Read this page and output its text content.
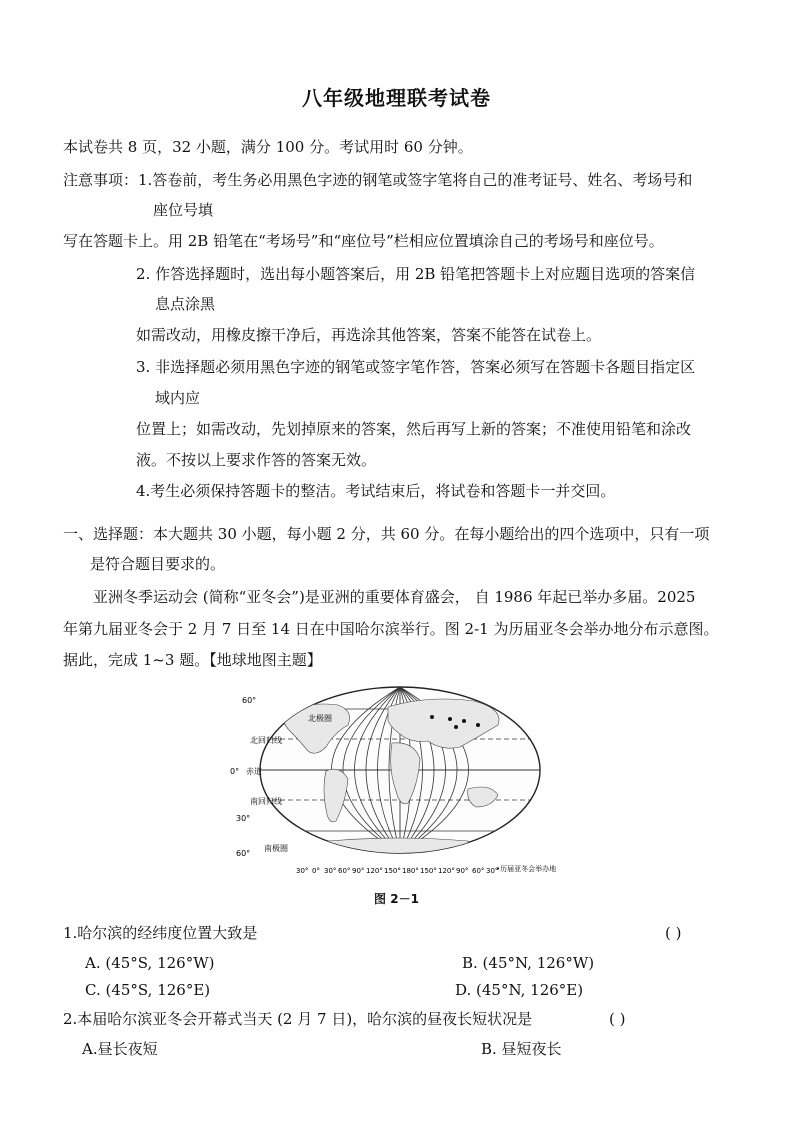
八年级地理联考试卷
本试卷共 8 页，32 小题，满分 100 分。考试用时 60 分钟。
注意事项：1.答卷前，考生务必用黑色字迹的钢笔或签字笔将自己的准考证号、姓名、考场号和
座位号填
写在答题卡上。用 2B 铅笔在“考场号”和“座位号”栏相应位置填涂自己的考场号和座位号。
2. 作答选择题时，选出每小题答案后，用 2B 铅笔把答题卡上对应题目选项的答案信
息点涂黑
如需改动，用橡皮擦干净后，再选涂其他答案，答案不能答在试卷上。
3. 非选择题必须用黑色字迹的钢笔或签字笔作答，答案必须写在答题卡各题目指定区
域内应
位置上；如需改动，先划掉原来的答案，然后再写上新的答案；不准使用铅笔和涂改
液。不按以上要求作答的答案无效。
4.考生必须保持答题卡的整洁。考试结束后，将试卷和答题卡一并交回。
一、选择题：本大题共 30 小题，每小题 2 分，共 60 分。在每小题给出的四个选项中，只有一项
是符合题目要求的。
亚洲冬季运动会 (简称“亚冬会”)是亚洲的重要体育盛会， 自 1986 年起已举办多届。2025
年第九届亚冬会于 2 月 7 日至 14 日在中国哈尔滨举行。图 2-1 为历届亚冬会举办地分布示意图。
据此，完成 1~3 题。【地球地图主题】
60°
0°
30°
60°
北极圈
北回归线
赤道
南回归线
南极圈
30° 0° 30° 60° 90° 120° 150° 180° 150° 120° 90° 60° 30°
•历届亚冬会举办地
图 2－1
1.哈尔滨的经纬度位置大致是	( )
A. (45°S, 126°W)	B. (45°N, 126°W)
C. (45°S, 126°E)	D. (45°N, 126°E)
2.本届哈尔滨亚冬会开幕式当天 (2 月 7 日)，哈尔滨的昼夜长短状况是	( )
A.昼长夜短	B. 昼短夜长
